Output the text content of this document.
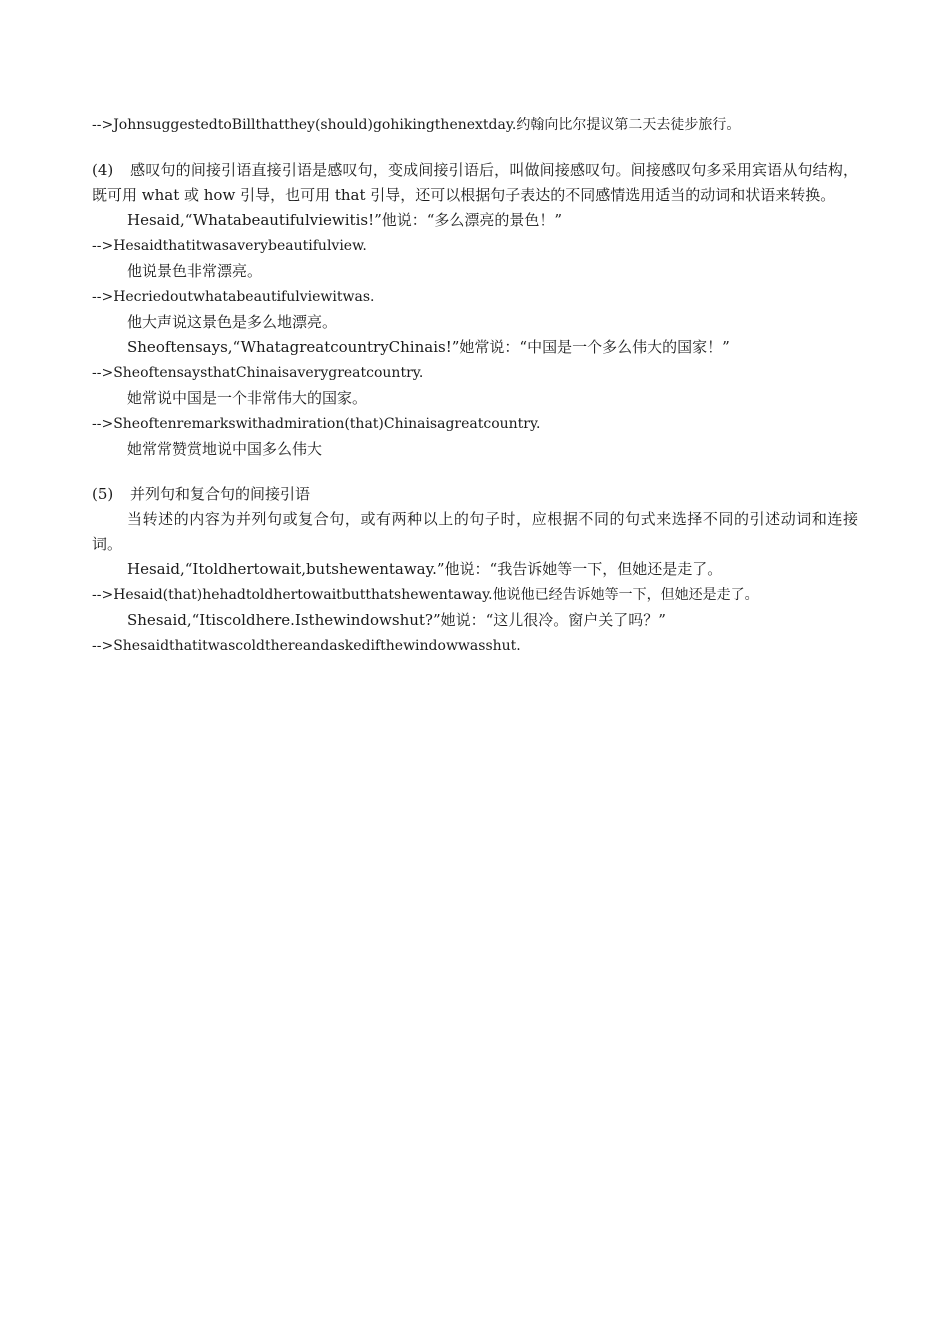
-->JohnsuggestedtoBillthatthey(should)gohikingthenextday.约翰向比尔提议第二天去徒步旅行。
(4) 感叹句的间接引语直接引语是感叹句，变成间接引语后，叫做间接感叹句。间接感叹句多采用宾语从句结构，既可用 what 或 how 引导，也可用 that 引导，还可以根据句子表达的不同感情选用适当的动词和状语来转换。
Hesaid,“Whatabeautifulviewitis!”他说：“多么漂亮的景色！”
-->Hesaidthatitwasaverybeautifulview.
他说景色非常漂亮。
-->Hecriedoutwhatabeautifulviewitwas.
他大声说这景色是多么地漂亮。
Sheoftensays,“WhatagreatcountryChinais!”她常说：“中国是一个多么伟大的国家！”
-->SheoftensaysthatChinaisaverygreatcountry.
她常说中国是一个非常伟大的国家。
-->Sheoftenremarkswithadmiration(that)Chinaisagreatcountry.
她常常赞赏地说中国多么伟大
(5) 并列句和复合句的间接引语
当转述的内容为并列句或复合句，或有两种以上的句子时，应根据不同的句式来选择不同的引述动词和连接词。
Hesaid,“Itoldhertowait,butshewentaway.”他说：“我告诉她等一下，但她还是走了。
-->Hesaid(that)hehadtoldhertowaitbutthatshewentaway.他说他已经告诉她等一下，但她还是走了。
Shesaid,“Itiscoldhere.Isthewindowshut?”她说：“这儿很冷。窗户关了吗？”
-->Shesaidthatitwascoldthereandaskedifthewindowwasshut.
